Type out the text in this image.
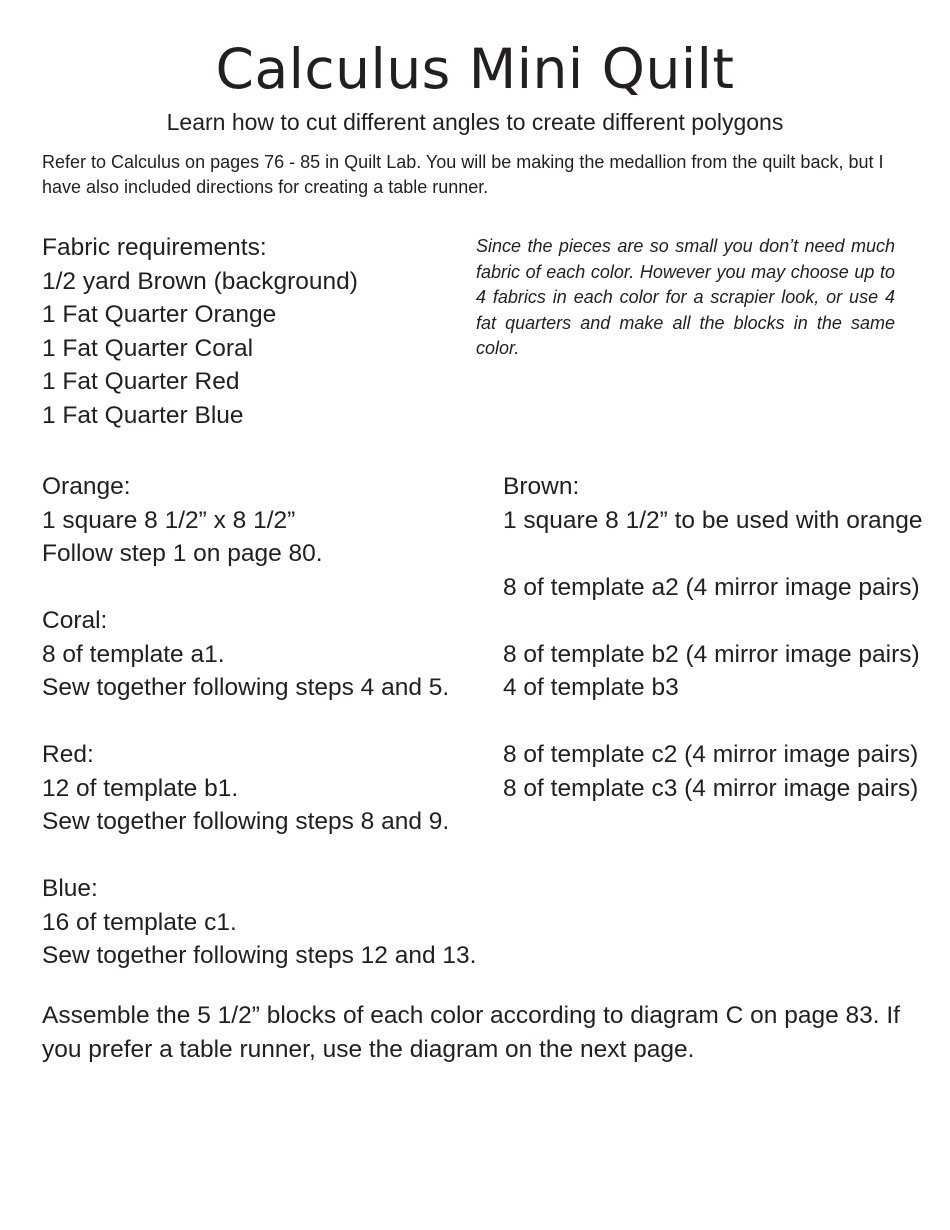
Calculus Mini Quilt
Learn how to cut different angles to create different polygons
Refer to Calculus on pages 76 - 85 in Quilt Lab. You will be making the medallion from the quilt back, but I have also included directions for creating a table runner.
Fabric requirements:
1/2 yard Brown (background)
1 Fat Quarter Orange
1 Fat Quarter Coral
1 Fat Quarter Red
1 Fat Quarter Blue
Since the pieces are so small you don’t need much fabric of each color. However you may choose up to 4 fabrics in each color for a scrapier look, or use 4 fat quarters and make all the blocks in the same color.
Orange:
1 square 8 1/2” x 8 1/2”
Follow step 1 on page 80.
Coral:
8 of template a1.
Sew together following steps 4 and 5.
Red:
12 of template b1.
Sew together following steps 8 and 9.
Blue:
16 of template c1.
Sew together following steps 12 and 13.
Brown:
1 square 8 1/2” to be used with orange
8 of template a2 (4 mirror image pairs)
8 of template b2 (4 mirror image pairs)
4 of template b3
8 of template c2 (4 mirror image pairs)
8 of template c3 (4 mirror image pairs)
Assemble the 5 1/2” blocks of each color according to diagram C on page 83. If you prefer a table runner, use the diagram on the next page.
